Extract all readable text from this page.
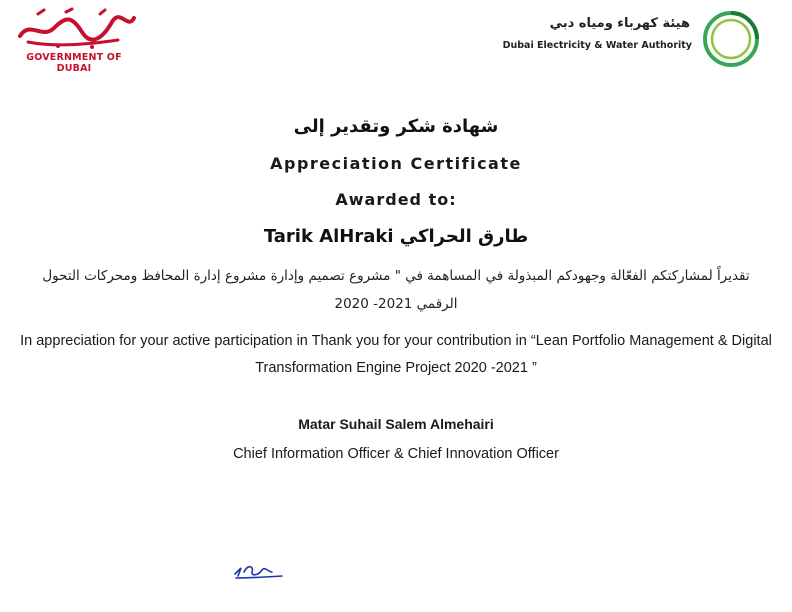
GOVERNMENT OF DUBAI
هيئة كهرباء ومياه دبي
Dubai Electricity & Water Authority
شهادة شكر وتقدير إلى
Appreciation Certificate
Awarded to:
Tarik AlHraki طارق الحراكي
تقديراً لمشاركتكم الفعّالة وجهودكم المبذولة في المساهمة في " مشروع تصميم وإدارة مشروع إدارة المحافظ ومحركات التحول الرقمي 2021- 2020
In appreciation for your active participation in Thank you for your contribution in “Lean Portfolio Management & Digital Transformation Engine Project 2020 -2021 ”
Matar Suhail Salem Almehairi
Chief Information Officer & Chief Innovation Officer
